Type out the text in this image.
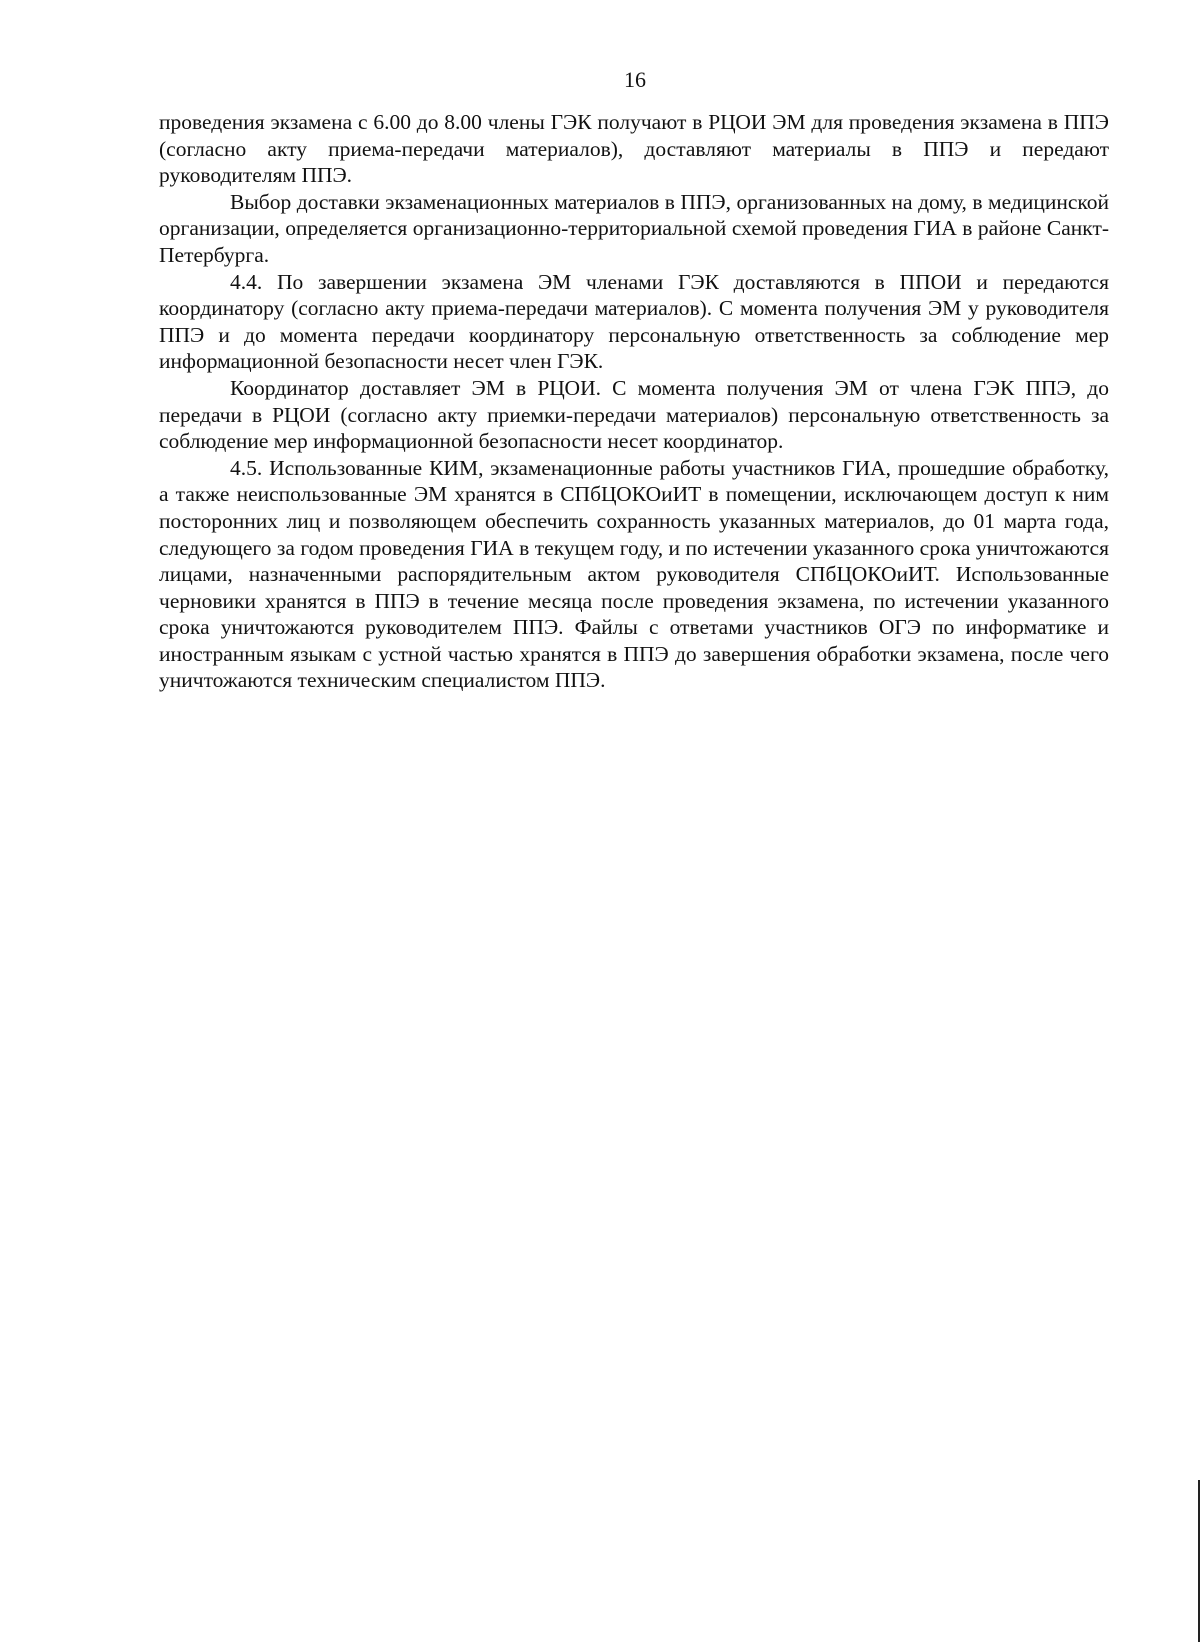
16

проведения экзамена с 6.00 до 8.00 члены ГЭК получают в РЦОИ ЭМ для проведения экзамена в ППЭ (согласно акту приема-передачи материалов), доставляют материалы в ППЭ и передают руководителям ППЭ.

Выбор доставки экзаменационных материалов в ППЭ, организованных на дому, в медицинской организации, определяется организационно-территориальной схемой проведения ГИА в районе Санкт-Петербурга.

4.4. По завершении экзамена ЭМ членами ГЭК доставляются в ППОИ и передаются координатору (согласно акту приема-передачи материалов). С момента получения ЭМ у руководителя ППЭ и до момента передачи координатору персональную ответственность за соблюдение мер информационной безопасности несет член ГЭК.

Координатор доставляет ЭМ в РЦОИ. С момента получения ЭМ от члена ГЭК ППЭ, до передачи в РЦОИ (согласно акту приемки-передачи материалов) персональную ответственность за соблюдение мер информационной безопасности несет координатор.

4.5. Использованные КИМ, экзаменационные работы участников ГИА, прошедшие обработку, а также неиспользованные ЭМ хранятся в СПбЦОКОиИТ в помещении, исключающем доступ к ним посторонних лиц и позволяющем обеспечить сохранность указанных материалов, до 01 марта года, следующего за годом проведения ГИА в текущем году, и по истечении указанного срока уничтожаются лицами, назначенными распорядительным актом руководителя СПбЦОКОиИТ. Использованные черновики хранятся в ППЭ в течение месяца после проведения экзамена, по истечении указанного срока уничтожаются руководителем ППЭ. Файлы с ответами участников ОГЭ по информатике и иностранным языкам с устной частью хранятся в ППЭ до завершения обработки экзамена, после чего уничтожаются техническим специалистом ППЭ.
